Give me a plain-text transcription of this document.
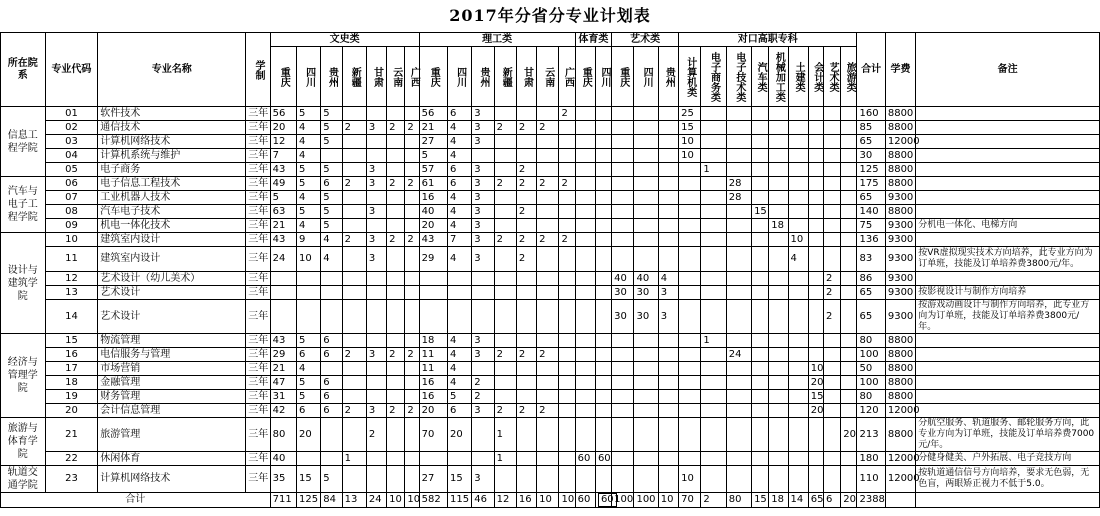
2017年分省分专业计划表
所在院系	专业代码	专业名称	学制	文史类							理工类							体育类		艺术类			对口高职专科									合计	学费	备注

				重庆	四川	贵州	新疆	甘肃	云南	广西	重庆	四川	贵州	新疆	甘肃	云南	广西	重庆	四川	重庆	四川	贵州	计算机类	电子商务类	电子技术类	汽车类	机械加工类	土建类	会计类	艺术类	旅游类			

信息工程学院	01	软件技术	三年	56	5	5					56	6	3				2						25									160	8800	
	02	通信技术	三年	20	4	5	2	3	2	2	21	4	3	2	2	2							15									85	8800	
	03	计算机网络技术	三年	12	4	5					27	4	3										10									65	12000	
	04	计算机系统与维护	三年	7	4						5	4											10									30	8800	
	05	电子商务	三年	43	5	5		3			57	6	3		2									1								125	8800	
汽车与电子工程学院	06	电子信息工程技术	三年	49	5	6	2	3	2	2	61	6	3	2	2	2	2								28							175	8800	
	07	工业机器人技术	三年	5	4	5					16	4	3												28							65	9300	
	08	汽车电子技术	三年	63	5	5		3			40	4	3		2											15						140	8800	
	09	机电一体化技术	三年	21	4	5					20	4	3														18					75	9300	分机电一体化、电梯方向
设计与建筑学院	10	建筑室内设计	三年	43	9	4	2	3	2	2	43	7	3	2	2	2	2											10				136	9300	
	11	建筑室内设计	三年	24	10	4		3			29	4	3		2													4				83	9300	按VR虚拟现实技术方向培养，此专业方向为订单班，技能及订单培养费3800元/年。
	12	艺术设计（幼儿美术）	三年																	40	40	4								2		86	9300	
	13	艺术设计	三年																	30	30	3								2		65	9300	按影视设计与制作方向培养
	14	艺术设计	三年																	30	30	3								2		65	9300	按游戏动画设计与制作方向培养，此专业方向为订单班，技能及订单培养费3800元/年。
经济与管理学院	15	物流管理	三年	43	5	6					18	4	3											1								80	8800	
	16	电信服务与管理	三年	29	6	6	2	3	2	2	11	4	3	2	2	2									24							100	8800	
	17	市场营销	三年	21	4						11	4																	10			50	8800	
	18	金融管理	三年	47	5	6					16	4	2																20			100	8800	
	19	财务管理	三年	31	5	6					16	5	2																15			80	8800	
	20	会计信息管理	三年	42	6	6	2	3	2	2	20	6	3	2	2	2													20			120	12000	
旅游与体育学院	21	旅游管理	三年	80	20			2			70	20		1																	20	213	8800	分航空服务、轨道服务、邮轮服务方向，此专业方向为订单班，技能及订单培养费7000元/年。
	22	休闲体育	三年	40			1							1				60	60													180	12000	分健身健美、户外拓展、电子竞技方向
轨道交通学院	23	计算机网络技术	三年	35	15	5					27	15	3										10									110	12000	按轨道通信信号方向培养，要求无色弱，无色盲，两眼矫正视力不低于5.0。
合计				711	125	84	13	24	10	10	582	115	46	12	16	10	10	60	60	100	100	10	70	2	80	15	18	14	65	6	20	2388		
